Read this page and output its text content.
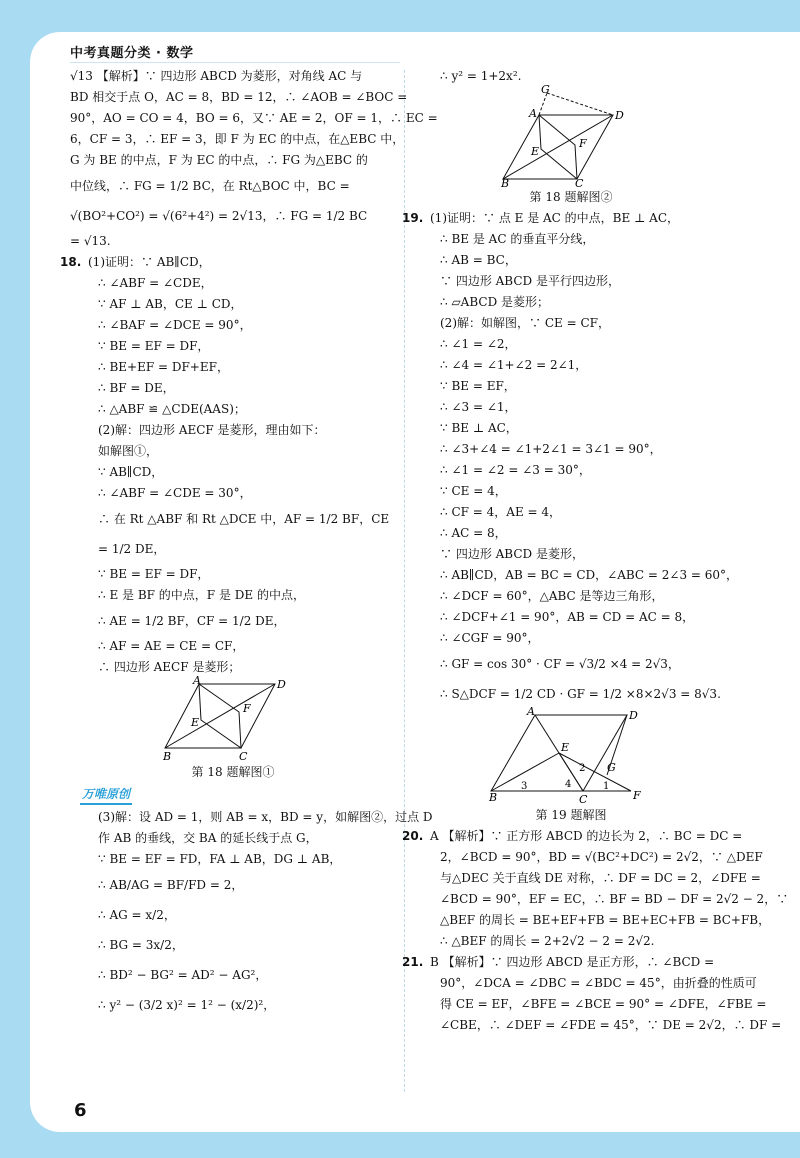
中考真题分类 · 数学
√13 【解析】∵ 四边形 ABCD 为菱形，对角线 AC 与
BD 相交于点 O，AC = 8，BD = 12，∴ ∠AOB = ∠BOC =
90°，AO = CO = 4，BO = 6，又∵ AE = 2，OF = 1，∴ EC =
6，CF = 3，∴ EF = 3，即 F 为 EC 的中点，在△EBC 中，
G 为 BE 的中点，F 为 EC 的中点，∴ FG 为△EBC 的
中位线，∴ FG = 1/2 BC，在 Rt△BOC 中，BC =
√(BO²+CO²) = √(6²+4²) = 2√13，∴ FG = 1/2 BC
= √13.
18. (1)证明：∵ AB∥CD，
∴ ∠ABF = ∠CDE，
∵ AF ⊥ AB，CE ⊥ CD，
∴ ∠BAF = ∠DCE = 90°，
∵ BE = EF = DF，
∴ BE+EF = DF+EF，
∴ BF = DE，
∴ △ABF ≌ △CDE(AAS)；
(2)解：四边形 AECF 是菱形，理由如下：
如解图①，
∵ AB∥CD，
∴ ∠ABF = ∠CDE = 30°，
∴ 在 Rt △ABF 和 Rt △DCE 中，AF = 1/2 BF，CE
= 1/2 DE，
∵ BE = EF = DF，
∴ E 是 BF 的中点，F 是 DE 的中点，
∴ AE = 1/2 BF，CF = 1/2 DE，
∴ AF = AE = CE = CF，
∴ 四边形 AECF 是菱形；
A	D
B	C
E
F
第 18 题解图①
万唯原创
(3)解：设 AD = 1，则 AB = x，BD = y，如解图②，过点 D
作 AB 的垂线，交 BA 的延长线于点 G，
∵ BE = EF = FD，FA ⊥ AB，DG ⊥ AB，
∴ AB/AG = BF/FD = 2，
∴ AG = x/2，
∴ BG = 3x/2，
∴ BD² − BG² = AD² − AG²，
∴ y² − (3/2 x)² = 1² − (x/2)²，
∴ y² = 1+2x².
G
A	D
B	C
E
F
第 18 题解图②
19. (1)证明：∵ 点 E 是 AC 的中点，BE ⊥ AC，
∴ BE 是 AC 的垂直平分线，
∴ AB = BC，
∵ 四边形 ABCD 是平行四边形，
∴ ▱ABCD 是菱形；
(2)解：如解图，∵ CE = CF，
∴ ∠1 = ∠2，
∴ ∠4 = ∠1+∠2 = 2∠1，
∵ BE = EF，
∴ ∠3 = ∠1，
∵ BE ⊥ AC，
∴ ∠3+∠4 = ∠1+2∠1 = 3∠1 = 90°，
∴ ∠1 = ∠2 = ∠3 = 30°，
∵ CE = 4，
∴ CF = 4，AE = 4，
∴ AC = 8，
∵ 四边形 ABCD 是菱形，
∴ AB∥CD，AB = BC = CD，∠ABC = 2∠3 = 60°，
∴ ∠DCF = 60°，△ABC 是等边三角形，
∴ ∠DCF+∠1 = 90°，AB = CD = AC = 8，
∴ ∠CGF = 90°，
∴ GF = cos 30° · CF = √3/2 ×4 = 2√3，
∴ S△DCF = 1/2 CD · GF = 1/2 ×8×2√3 = 8√3.
A	D
B	C	F
E
G
2
3	4	1
第 19 题解图
20. A 【解析】∵ 正方形 ABCD 的边长为 2，∴ BC = DC =
2，∠BCD = 90°，BD = √(BC²+DC²) = 2√2，∵ △DEF
与△DEC 关于直线 DE 对称，∴ DF = DC = 2，∠DFE =
∠BCD = 90°，EF = EC，∴ BF = BD − DF = 2√2 − 2，∵
△BEF 的周长 = BE+EF+FB = BE+EC+FB = BC+FB，
∴ △BEF 的周长 = 2+2√2 − 2 = 2√2.
21. B 【解析】∵ 四边形 ABCD 是正方形，∴ ∠BCD =
90°，∠DCA = ∠DBC = ∠BDC = 45°，由折叠的性质可
得 CE = EF，∠BFE = ∠BCE = 90° = ∠DFE，∠FBE =
∠CBE，∴ ∠DEF = ∠FDE = 45°，∵ DE = 2√2，∴ DF =
6
